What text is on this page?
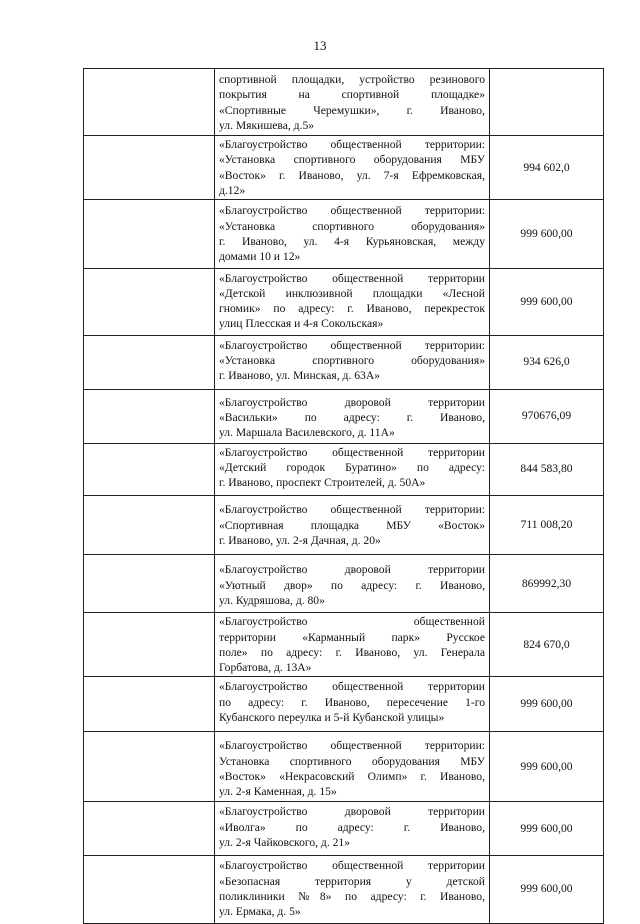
13

	спортивной площадки, устройство резинового
покрытия на спортивной площадке»
«Спортивные Черемушки», г. Иваново,
ул. Мякишева, д.5»	

	«Благоустройство общественной территории:
«Установка спортивного оборудования МБУ
«Восток» г. Иваново, ул. 7-я Ефремковская,
д.12»	994 602,0

	«Благоустройство общественной территории:
«Установка спортивного оборудования»
г. Иваново, ул. 4-я Курьяновская, между
домами 10 и 12»	999 600,00

	«Благоустройство общественной территории
«Детской инклюзивной площадки «Лесной
гномик» по адресу: г. Иваново, перекресток
улиц Плесская и 4-я Сокольская»	999 600,00

	«Благоустройство общественной территории:
«Установка спортивного оборудования»
г. Иваново, ул. Минская, д. 63А»	934 626,0

	«Благоустройство дворовой территории
«Васильки» по адресу: г. Иваново,
ул. Маршала Василевского, д. 11А»	970676,09

	«Благоустройство общественной территории
«Детский городок Буратино» по адресу:
г. Иваново, проспект Строителей, д. 50А»	844 583,80

	«Благоустройство общественной территории:
«Спортивная площадка МБУ «Восток»
г. Иваново, ул. 2-я Дачная, д. 20»	711 008,20

	«Благоустройство дворовой территории
«Уютный двор» по адресу: г. Иваново,
ул. Кудряшова, д. 80»	869992,30

	«Благоустройство общественной
территории «Карманный парк» Русское
поле» по адресу: г. Иваново, ул. Генерала
Горбатова, д. 13А»	824 670,0

	«Благоустройство общественной территории
по адресу: г. Иваново, пересечение 1-го
Кубанского переулка и 5-й Кубанской улицы»	999 600,00

	«Благоустройство общественной территории:
Установка спортивного оборудования МБУ
«Восток» «Некрасовский Олимп» г. Иваново,
ул. 2-я Каменная, д. 15»	999 600,00

	«Благоустройство дворовой территории
«Иволга» по адресу: г. Иваново,
ул. 2-я Чайковского, д. 21»	999 600,00

	«Благоустройство общественной территории
«Безопасная территория у детской
поликлиники №8» по адресу: г. Иваново,
ул. Ермака, д. 5»	999 600,00
